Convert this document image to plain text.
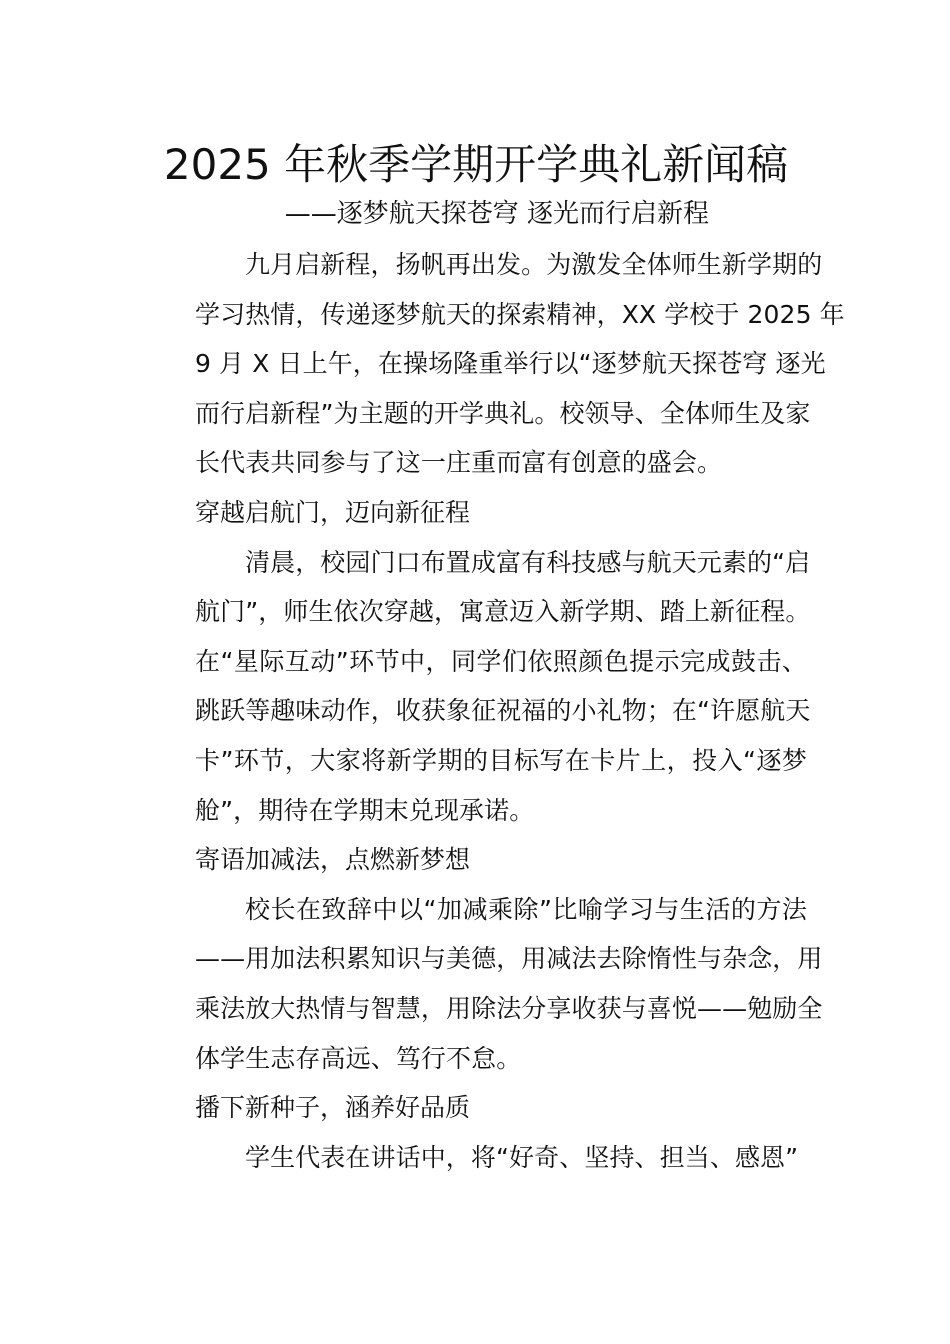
2025 年秋季学期开学典礼新闻稿
——逐梦航天探苍穹 逐光而行启新程

九月启新程，扬帆再出发。为激发全体师生新学期的
学习热情，传递逐梦航天的探索精神，XX 学校于 2025 年
9 月 X 日上午，在操场隆重举行以“逐梦航天探苍穹 逐光
而行启新程”为主题的开学典礼。校领导、全体师生及家
长代表共同参与了这一庄重而富有创意的盛会。

穿越启航门，迈向新征程

清晨，校园门口布置成富有科技感与航天元素的“启
航门”，师生依次穿越，寓意迈入新学期、踏上新征程。
在“星际互动”环节中，同学们依照颜色提示完成鼓击、
跳跃等趣味动作，收获象征祝福的小礼物；在“许愿航天
卡”环节，大家将新学期的目标写在卡片上，投入“逐梦
舱”，期待在学期末兑现承诺。

寄语加减法，点燃新梦想

校长在致辞中以“加减乘除”比喻学习与生活的方法
——用加法积累知识与美德，用减法去除惰性与杂念，用
乘法放大热情与智慧，用除法分享收获与喜悦——勉励全
体学生志存高远、笃行不怠。

播下新种子，涵养好品质

学生代表在讲话中，将“好奇、坚持、担当、感恩”
